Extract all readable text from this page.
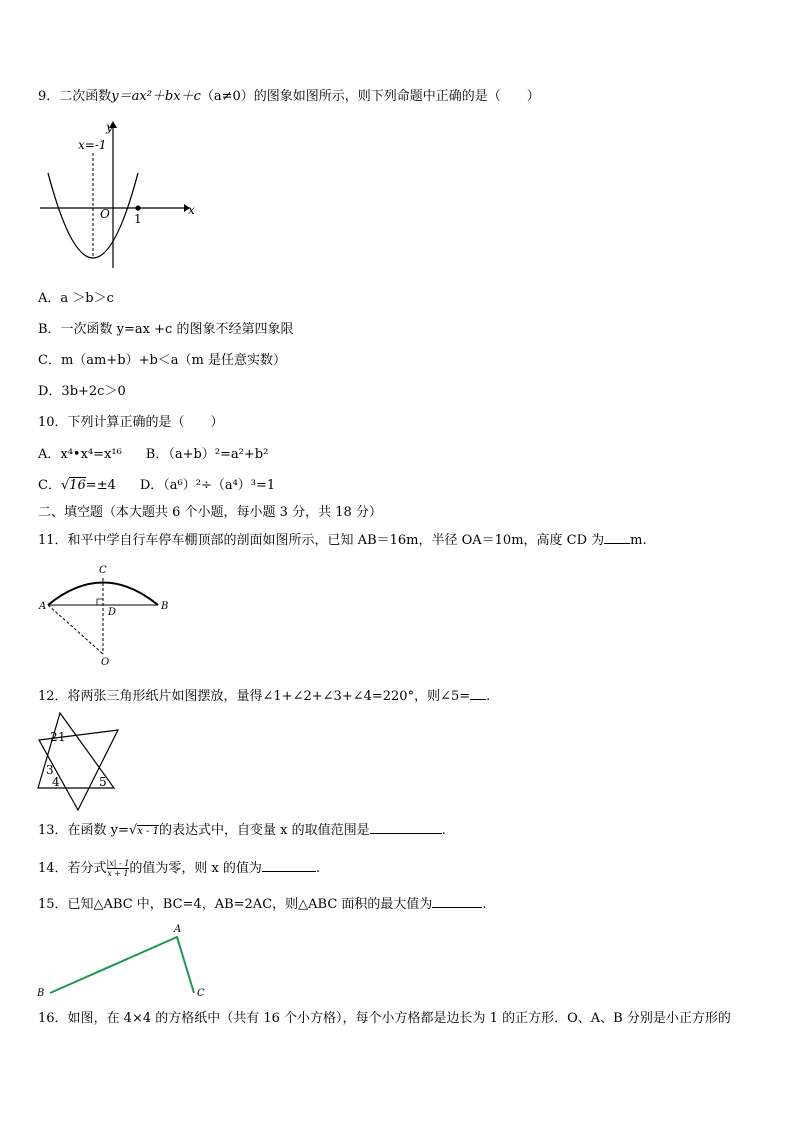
9．二次函数y＝ax²＋bx＋c（a≠0）的图象如图所示，则下列命题中正确的是（　　）
x=-1
y
x
O 1
A．a ＞b＞c
B．一次函数 y=ax +c 的图象不经第四象限
C．m（am+b）+b＜a（m 是任意实数）
D．3b+2c＞0
10．下列计算正确的是（　　）
A．x⁴•x⁴=x¹⁶ B．（a+b）²=a²+b²
C．√16=±4 D．（a⁶）²÷（a⁴）³=1
二、填空题（本大题共 6 个小题，每小题 3 分，共 18 分）
11．和平中学自行车停车棚顶部的剖面如图所示，已知 AB＝16m，半径 OA＝10m，高度 CD 为 m.
A	B
C
D
O
12．将两张三角形纸片如图摆放，量得∠1+∠2+∠3+∠4=220°，则∠5= .
1
2
3
4	5
13．在函数 y=√x - 1的表达式中，自变量 x 的取值范围是	.
14．若分式 $\frac{|x| - 1}{x + 1}$ 的值为零，则 x 的值为	.
15．已知△ABC 中，BC=4，AB=2AC，则△ABC 面积的最大值为	.
A
B	C
16．如图，在 4×4 的方格纸中（共有 16 个小方格），每个小方格都是边长为 1 的正方形．O、A、B 分别是小正方形的
